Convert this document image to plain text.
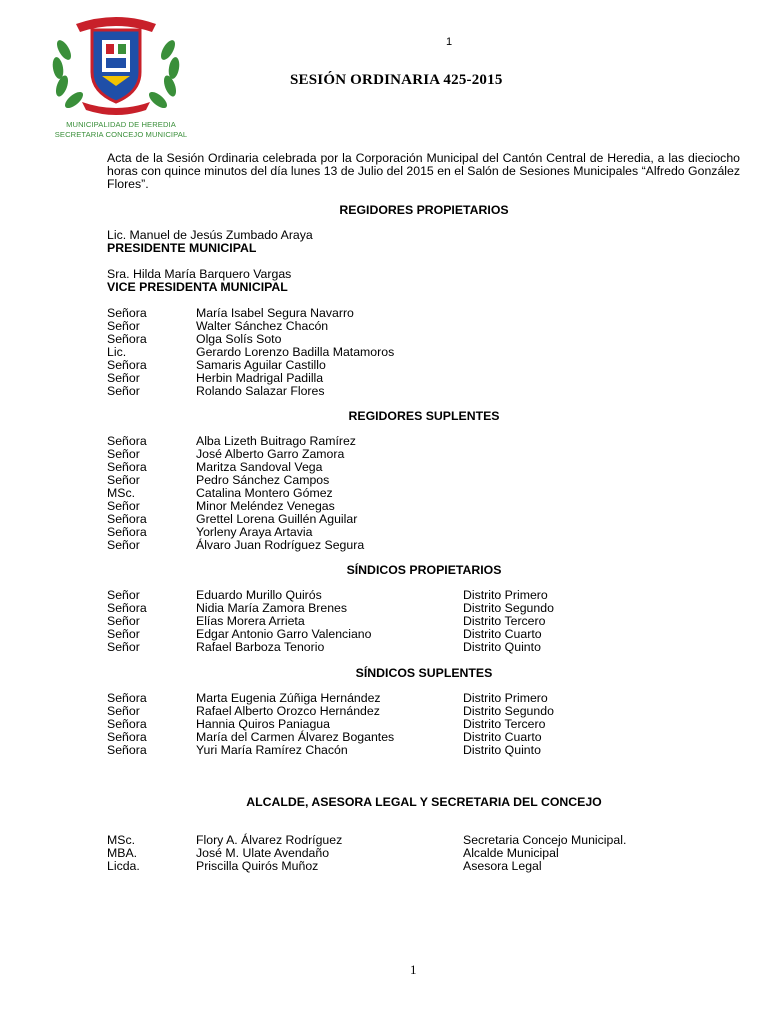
1
MUNICIPALIDAD DE HEREDIA
SECRETARIA CONCEJO MUNICIPAL
SESIÓN ORDINARIA 425-2015
Acta de la Sesión Ordinaria celebrada por la Corporación Municipal del Cantón Central de Heredia, a las dieciocho horas con quince minutos del día lunes 13 de Julio del 2015 en el Salón de Sesiones Municipales “Alfredo González Flores”.
REGIDORES PROPIETARIOS
Lic. Manuel de Jesús Zumbado Araya
PRESIDENTE MUNICIPAL
Sra. Hilda María Barquero Vargas
VICE PRESIDENTA MUNICIPAL
Señora	María Isabel Segura Navarro
Señor	Walter Sánchez Chacón
Señora	Olga Solís Soto
Lic.	Gerardo Lorenzo Badilla Matamoros
Señora	Samaris Aguilar Castillo
Señor	Herbin Madrigal Padilla
Señor	Rolando Salazar Flores
REGIDORES SUPLENTES
Señora	Alba Lizeth Buitrago Ramírez
Señor	José Alberto Garro Zamora
Señora	Maritza Sandoval Vega
Señor	Pedro Sánchez Campos
MSc.	Catalina Montero Gómez
Señor	Minor Meléndez Venegas
Señora	Grettel Lorena Guillén Aguilar
Señora	Yorleny Araya Artavia
Señor	Álvaro Juan Rodríguez Segura
SÍNDICOS PROPIETARIOS
Señor	Eduardo Murillo Quirós	Distrito Primero
Señora	Nidia María Zamora Brenes	Distrito Segundo
Señor	Elías Morera Arrieta	Distrito Tercero
Señor	Edgar Antonio Garro Valenciano	Distrito Cuarto
Señor	Rafael Barboza Tenorio	Distrito Quinto
SÍNDICOS SUPLENTES
Señora	Marta Eugenia Zúñiga Hernández	Distrito Primero
Señor	Rafael Alberto Orozco Hernández	Distrito Segundo
Señora	Hannia Quiros Paniagua	Distrito Tercero
Señora	María del Carmen Álvarez Bogantes	Distrito Cuarto
Señora	Yuri María Ramírez Chacón	Distrito Quinto
ALCALDE, ASESORA LEGAL Y SECRETARIA DEL CONCEJO
MSc.	Flory A. Álvarez Rodríguez	Secretaria Concejo Municipal.
MBA.	José M. Ulate Avendaño	Alcalde Municipal
Licda.	Priscilla Quirós Muñoz	Asesora Legal
1
